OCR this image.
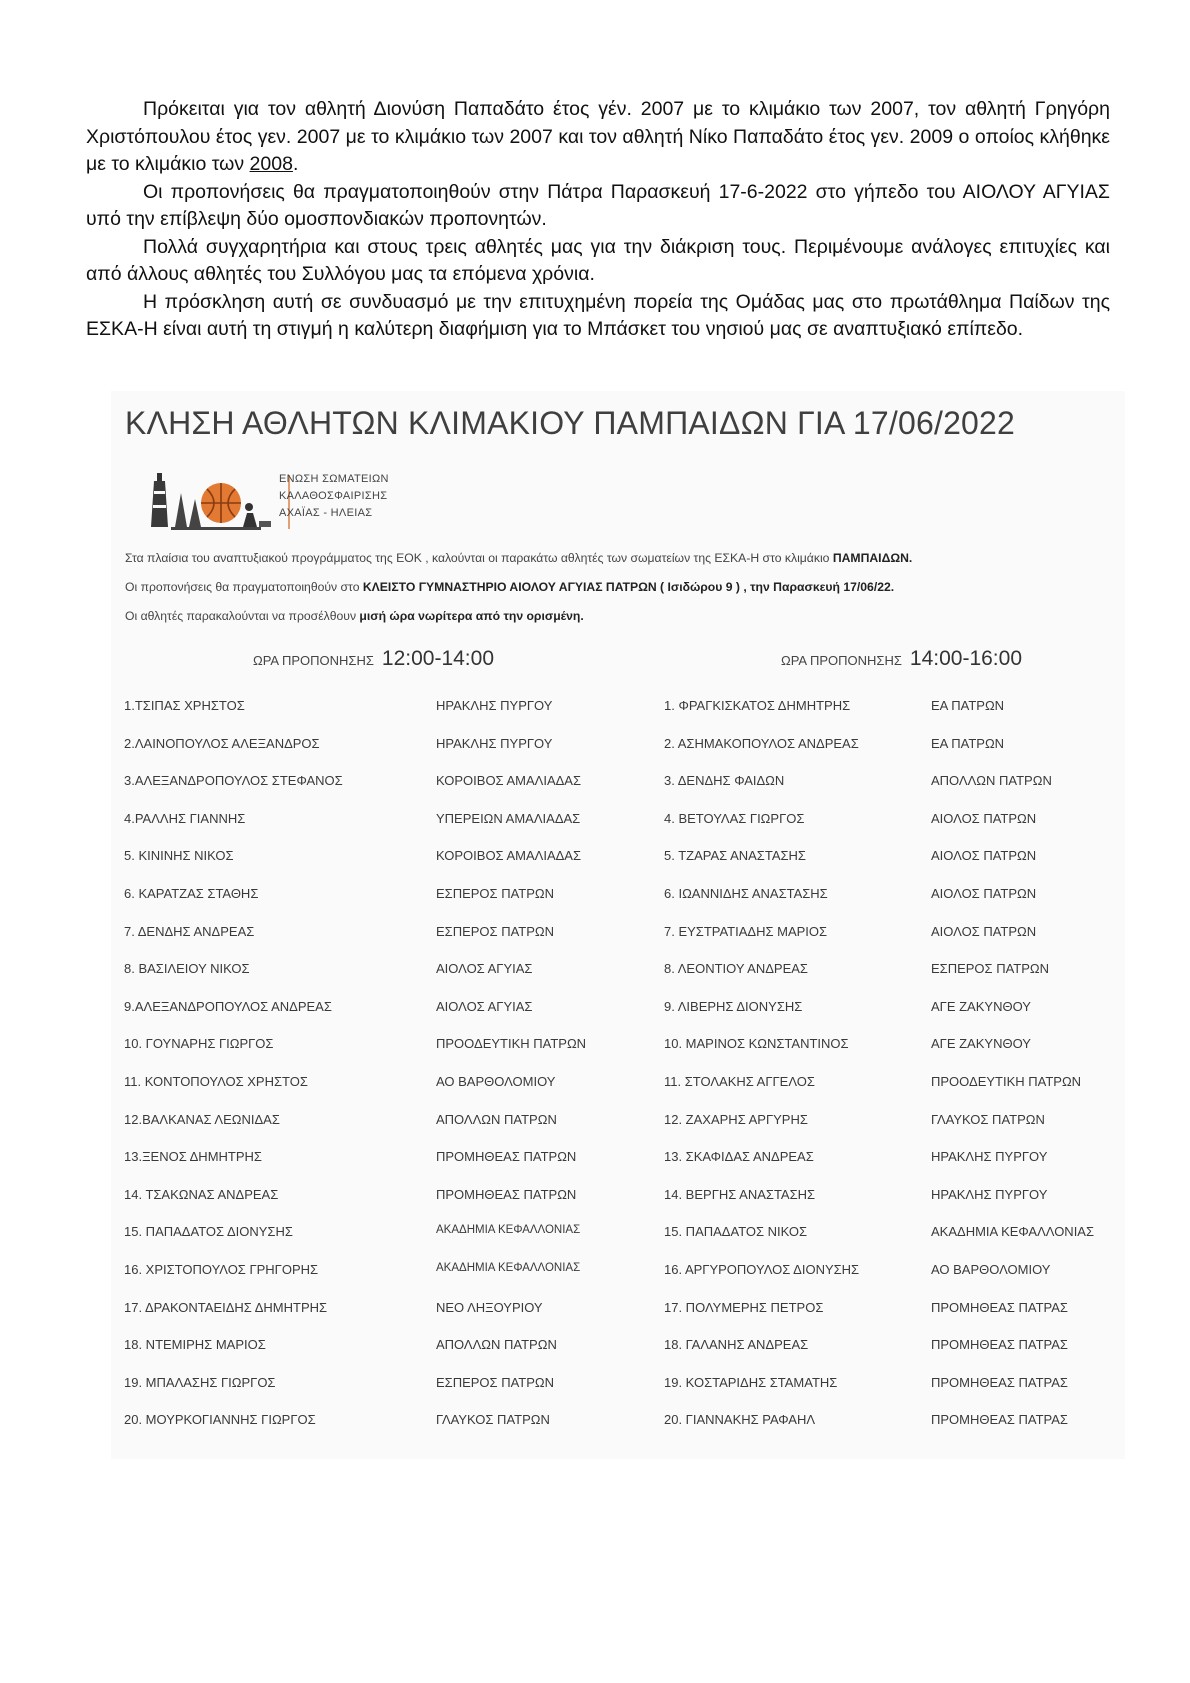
Πρόκειται για τον αθλητή Διονύση Παπαδάτο έτος γέν. 2007 με το κλιμάκιο των 2007, τον αθλητή Γρηγόρη Χριστόπουλου έτος γεν. 2007 με το κλιμάκιο των 2007 και τον αθλητή Νίκο Παπαδάτο έτος γεν. 2009 ο οποίος κλήθηκε με το κλιμάκιο των 2008.

Οι προπονήσεις θα πραγματοποιηθούν στην Πάτρα Παρασκευή 17-6-2022 στο γήπεδο του ΑΙΟΛΟΥ ΑΓΥΙΑΣ υπό την επίβλεψη δύο ομοσπονδιακών προπονητών.

Πολλά συγχαρητήρια και στους τρεις αθλητές μας για την διάκριση τους. Περιμένουμε ανάλογες επιτυχίες και από άλλους αθλητές του Συλλόγου μας τα επόμενα χρόνια.

Η πρόσκληση αυτή σε συνδυασμό με την επιτυχημένη πορεία της Ομάδας μας στο πρωτάθλημα Παίδων της ΕΣΚΑ-Η είναι αυτή τη στιγμή η καλύτερη διαφήμιση για το Μπάσκετ του νησιού μας σε αναπτυξιακό επίπεδο.

ΚΛΗΣΗ ΑΘΛΗΤΩΝ ΚΛΙΜΑΚΙΟΥ ΠΑΜΠΑΙΔΩΝ ΓΙΑ 17/06/2022
ΕΝΩΣΗ ΣΩΜΑΤΕΙΩΝ
ΚΑΛΑΘΟΣΦΑΙΡΙΣΗΣ
ΑΧΑΪΑΣ - ΗΛΕΙΑΣ
Στα πλαίσια του αναπτυξιακού προγράμματος της ΕΟΚ , καλούνται οι παρακάτω αθλητές των σωματείων της ΕΣΚΑ-Η στο κλιμάκιο ΠΑΜΠΑΙΔΩΝ.
Οι προπονήσεις θα πραγματοποιηθούν στο ΚΛΕΙΣΤΟ ΓΥΜΝΑΣΤΗΡΙΟ ΑΙΟΛΟΥ ΑΓΥΙΑΣ ΠΑΤΡΩΝ ( Ισιδώρου 9 ) , την Παρασκευή 17/06/22.
Οι αθλητές παρακαλούνται να προσέλθουν μισή ώρα νωρίτερα από την ορισμένη.
ΩΡΑ ΠΡΟΠΟΝΗΣΗΣ 12:00-14:00	ΩΡΑ ΠΡΟΠΟΝΗΣΗΣ 14:00-16:00
1.ΤΣΙΠΑΣ ΧΡΗΣΤΟΣ	ΗΡΑΚΛΗΣ ΠΥΡΓΟΥ	1. ΦΡΑΓΚΙΣΚΑΤΟΣ ΔΗΜΗΤΡΗΣ	ΕΑ ΠΑΤΡΩΝ
2.ΛΑΙΝΟΠΟΥΛΟΣ ΑΛΕΞΑΝΔΡΟΣ	ΗΡΑΚΛΗΣ ΠΥΡΓΟΥ	2. ΑΣΗΜΑΚΟΠΟΥΛΟΣ ΑΝΔΡΕΑΣ	ΕΑ ΠΑΤΡΩΝ
3.ΑΛΕΞΑΝΔΡΟΠΟΥΛΟΣ ΣΤΕΦΑΝΟΣ	ΚΟΡΟΙΒΟΣ ΑΜΑΛΙΑΔΑΣ	3. ΔΕΝΔΗΣ ΦΑΙΔΩΝ	ΑΠΟΛΛΩΝ ΠΑΤΡΩΝ
4.ΡΑΛΛΗΣ ΓΙΑΝΝΗΣ	ΥΠΕΡΕΙΩΝ ΑΜΑΛΙΑΔΑΣ	4. ΒΕΤΟΥΛΑΣ ΓΙΩΡΓΟΣ	ΑΙΟΛΟΣ ΠΑΤΡΩΝ
5. ΚΙΝΙΝΗΣ ΝΙΚΟΣ	ΚΟΡΟΙΒΟΣ ΑΜΑΛΙΑΔΑΣ	5. ΤΖΑΡΑΣ ΑΝΑΣΤΑΣΗΣ	ΑΙΟΛΟΣ ΠΑΤΡΩΝ
6. ΚΑΡΑΤΖΑΣ ΣΤΑΘΗΣ	ΕΣΠΕΡΟΣ ΠΑΤΡΩΝ	6. ΙΩΑΝΝΙΔΗΣ ΑΝΑΣΤΑΣΗΣ	ΑΙΟΛΟΣ ΠΑΤΡΩΝ
7. ΔΕΝΔΗΣ ΑΝΔΡΕΑΣ	ΕΣΠΕΡΟΣ ΠΑΤΡΩΝ	7. ΕΥΣΤΡΑΤΙΑΔΗΣ ΜΑΡΙΟΣ	ΑΙΟΛΟΣ ΠΑΤΡΩΝ
8. ΒΑΣΙΛΕΙΟΥ ΝΙΚΟΣ	ΑΙΟΛΟΣ ΑΓΥΙΑΣ	8. ΛΕΟΝΤΙΟΥ ΑΝΔΡΕΑΣ	ΕΣΠΕΡΟΣ ΠΑΤΡΩΝ
9.ΑΛΕΞΑΝΔΡΟΠΟΥΛΟΣ ΑΝΔΡΕΑΣ	ΑΙΟΛΟΣ ΑΓΥΙΑΣ	9. ΛΙΒΕΡΗΣ ΔΙΟΝΥΣΗΣ	ΑΓΕ ΖΑΚΥΝΘΟΥ
10. ΓΟΥΝΑΡΗΣ ΓΙΩΡΓΟΣ	ΠΡΟΟΔΕΥΤΙΚΗ ΠΑΤΡΩΝ	10. ΜΑΡΙΝΟΣ ΚΩΝΣΤΑΝΤΙΝΟΣ	ΑΓΕ ΖΑΚΥΝΘΟΥ
11. ΚΟΝΤΟΠΟΥΛΟΣ ΧΡΗΣΤΟΣ	ΑΟ ΒΑΡΘΟΛΟΜΙΟΥ	11. ΣΤΟΛΑΚΗΣ ΑΓΓΕΛΟΣ	ΠΡΟΟΔΕΥΤΙΚΗ ΠΑΤΡΩΝ
12.ΒΑΛΚΑΝΑΣ ΛΕΩΝΙΔΑΣ	ΑΠΟΛΛΩΝ ΠΑΤΡΩΝ	12. ΖΑΧΑΡΗΣ ΑΡΓΥΡΗΣ	ΓΛΑΥΚΟΣ ΠΑΤΡΩΝ
13.ΞΕΝΟΣ ΔΗΜΗΤΡΗΣ	ΠΡΟΜΗΘΕΑΣ ΠΑΤΡΩΝ	13. ΣΚΑΦΙΔΑΣ ΑΝΔΡΕΑΣ	ΗΡΑΚΛΗΣ ΠΥΡΓΟΥ
14. ΤΣΑΚΩΝΑΣ ΑΝΔΡΕΑΣ	ΠΡΟΜΗΘΕΑΣ ΠΑΤΡΩΝ	14. ΒΕΡΓΗΣ ΑΝΑΣΤΑΣΗΣ	ΗΡΑΚΛΗΣ ΠΥΡΓΟΥ
15. ΠΑΠΑΔΑΤΟΣ ΔΙΟΝΥΣΗΣ	ΑΚΑΔΗΜΙΑ ΚΕΦΑΛΛΟΝΙΑΣ	15. ΠΑΠΑΔΑΤΟΣ ΝΙΚΟΣ	ΑΚΑΔΗΜΙΑ ΚΕΦΑΛΛΟΝΙΑΣ
16. ΧΡΙΣΤΟΠΟΥΛΟΣ ΓΡΗΓΟΡΗΣ	ΑΚΑΔΗΜΙΑ ΚΕΦΑΛΛΟΝΙΑΣ	16. ΑΡΓΥΡΟΠΟΥΛΟΣ ΔΙΟΝΥΣΗΣ	ΑΟ ΒΑΡΘΟΛΟΜΙΟΥ
17. ΔΡΑΚΟΝΤΑΕΙΔΗΣ ΔΗΜΗΤΡΗΣ	ΝΕΟ ΛΗΞΟΥΡΙΟΥ	17. ΠΟΛΥΜΕΡΗΣ ΠΕΤΡΟΣ	ΠΡΟΜΗΘΕΑΣ ΠΑΤΡΑΣ
18. ΝΤΕΜΙΡΗΣ ΜΑΡΙΟΣ	ΑΠΟΛΛΩΝ ΠΑΤΡΩΝ	18. ΓΑΛΑΝΗΣ ΑΝΔΡΕΑΣ	ΠΡΟΜΗΘΕΑΣ ΠΑΤΡΑΣ
19. ΜΠΑΛΑΣΗΣ ΓΙΩΡΓΟΣ	ΕΣΠΕΡΟΣ ΠΑΤΡΩΝ	19. ΚΟΣΤΑΡΙΔΗΣ ΣΤΑΜΑΤΗΣ	ΠΡΟΜΗΘΕΑΣ ΠΑΤΡΑΣ
20. ΜΟΥΡΚΟΓΙΑΝΝΗΣ ΓΙΩΡΓΟΣ	ΓΛΑΥΚΟΣ ΠΑΤΡΩΝ	20. ΓΙΑΝΝΑΚΗΣ ΡΑΦΑΗΛ	ΠΡΟΜΗΘΕΑΣ ΠΑΤΡΑΣ
